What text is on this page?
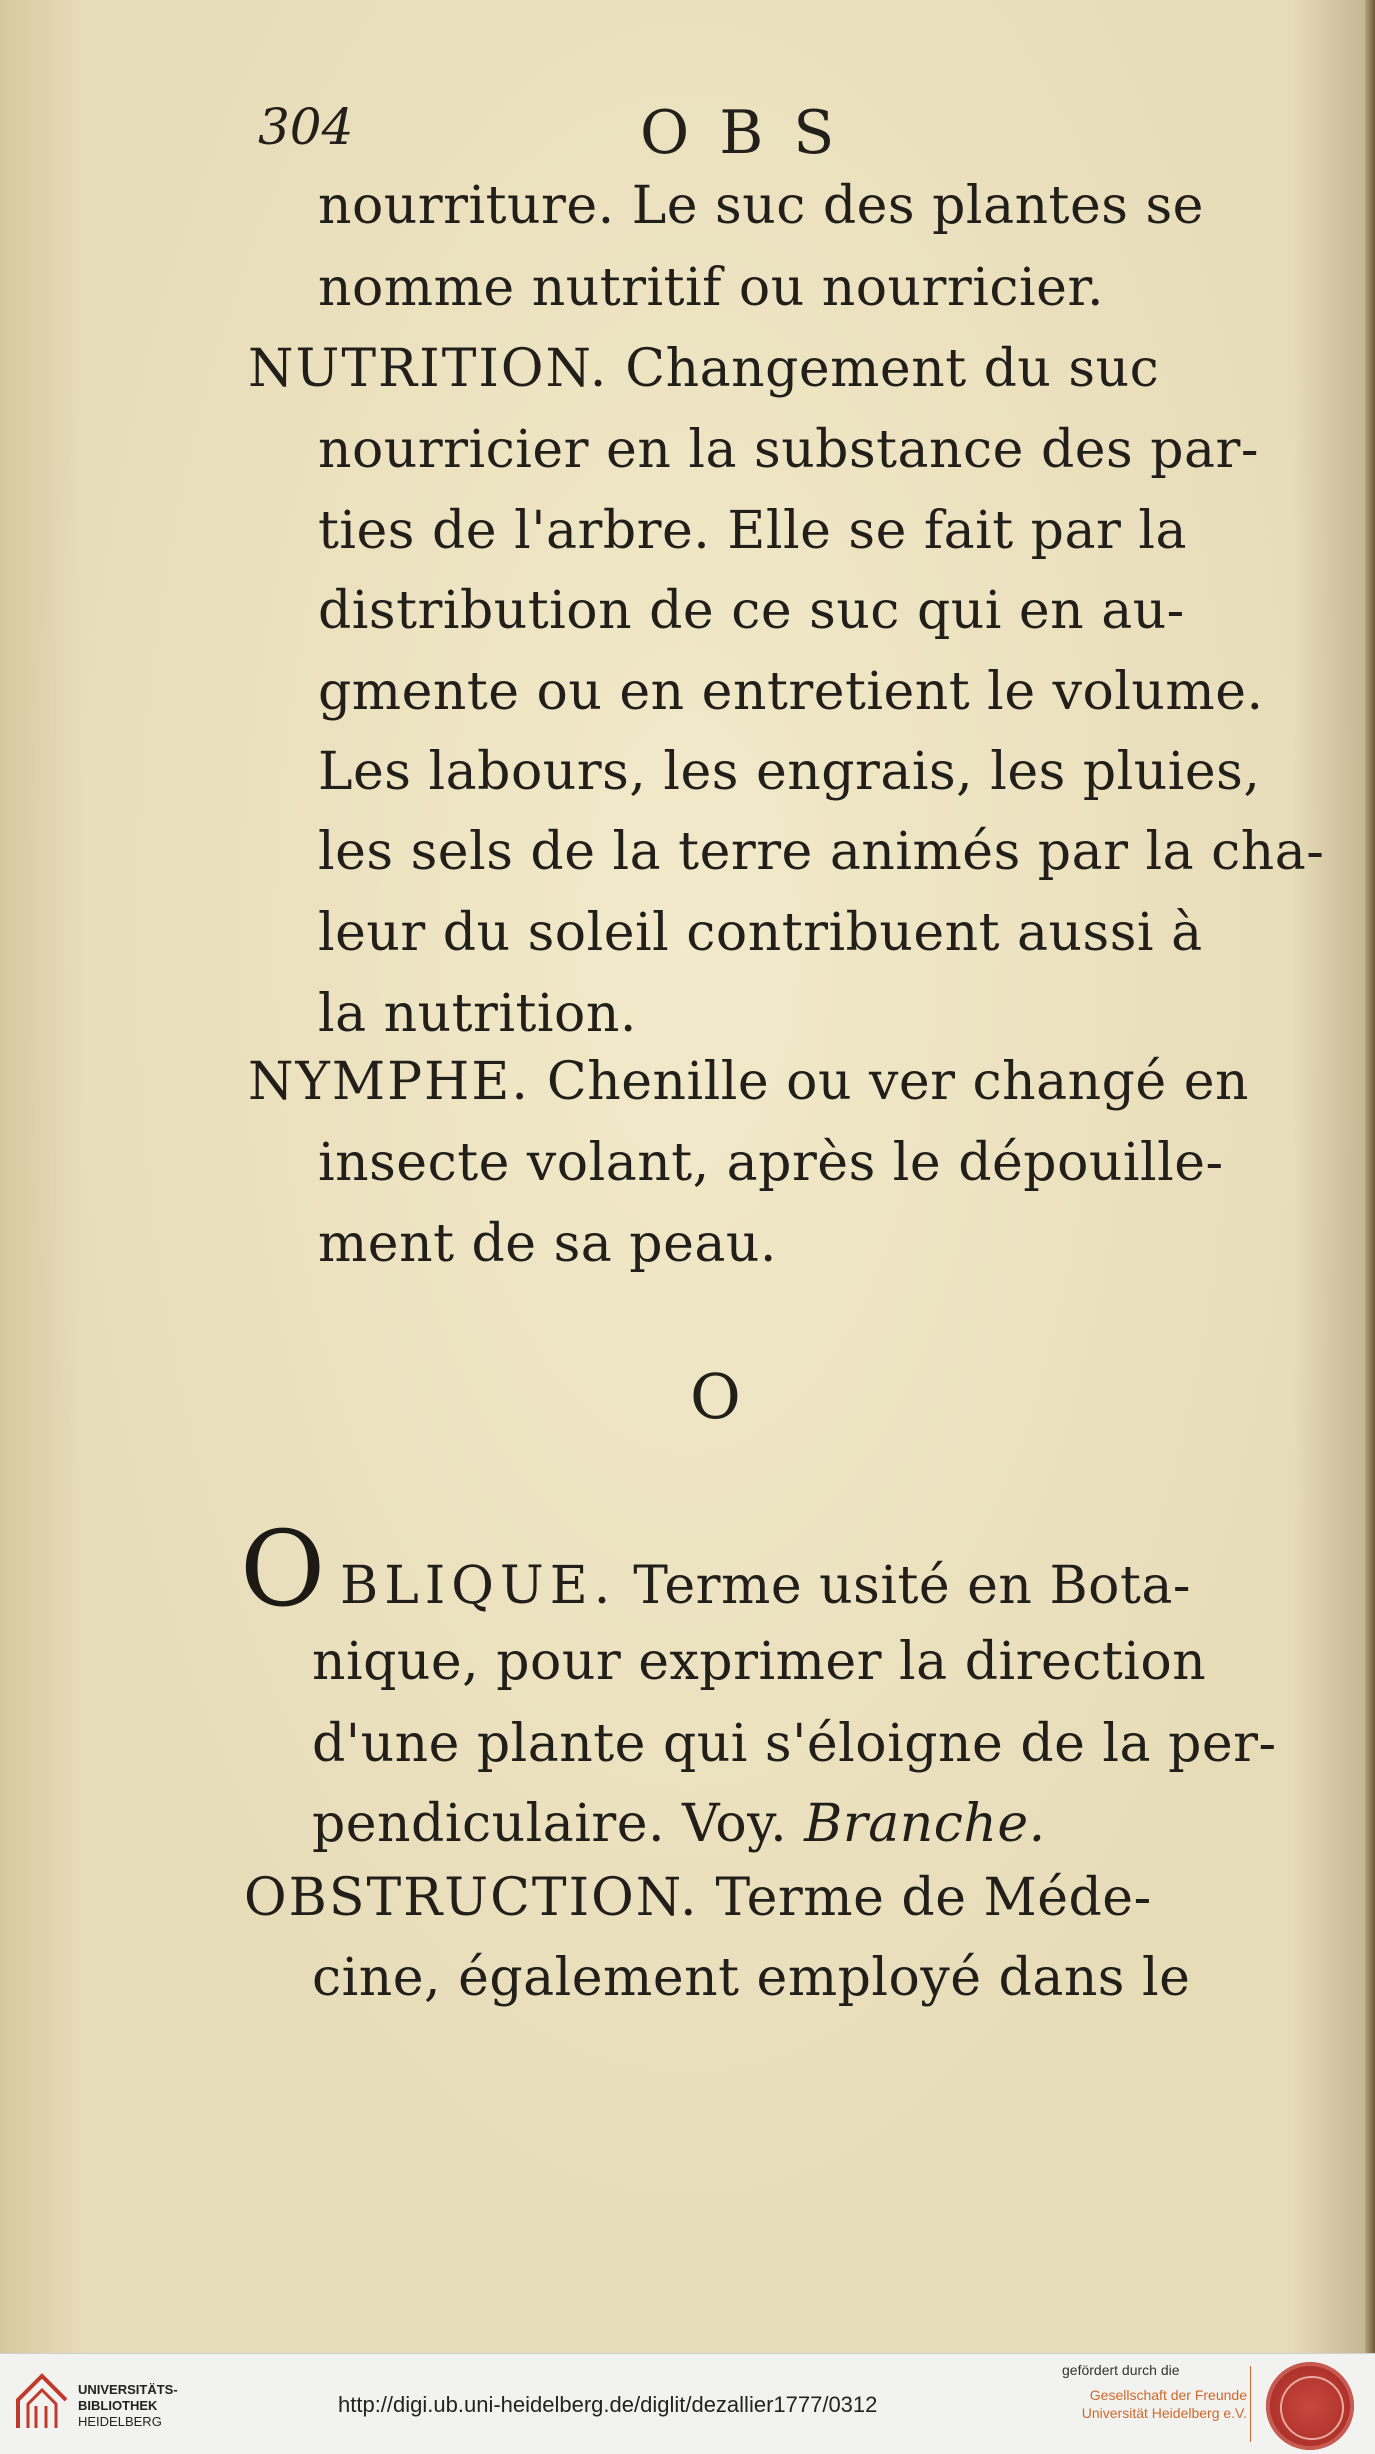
304	OBS
nourriture. Le suc des plantes se
nomme nutritif ou nourricier.
NUTRITION. Changement du suc
nourricier en la substance des par-
ties de l'arbre. Elle se fait par la
distribution de ce suc qui en au-
gmente ou en entretient le volume.
Les labours, les engrais, les pluies,
les sels de la terre animés par la cha-
leur du soleil contribuent aussi à
la nutrition.
NYMPHE. Chenille ou ver changé en
insecte volant, après le dépouille-
ment de sa peau.
O
O BLIQUE. Terme usité en Bota-
nique, pour exprimer la direction
d'une plante qui s'éloigne de la per-
pendiculaire. Voy. Branche.
OBSTRUCTION. Terme de Méde-
cine, également employé dans le
UNIVERSITÄTS-
BIBLIOTHEK
HEIDELBERG
http://digi.ub.uni-heidelberg.de/diglit/dezallier1777/0312
gefördert durch die
Gesellschaft der Freunde
Universität Heidelberg e.V.
